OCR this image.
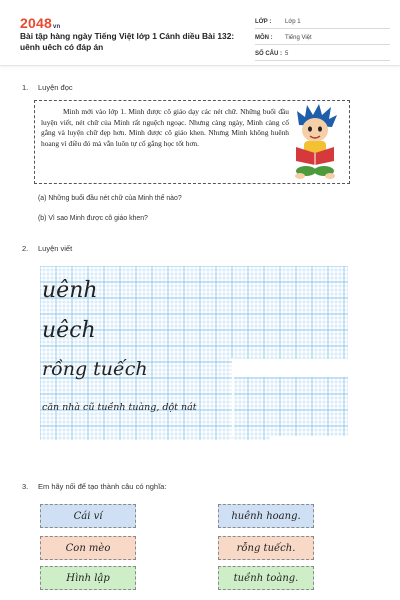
2048vn
Bài tập hàng ngày Tiếng Việt lớp 1 Cánh diều Bài 132: uênh uêch có đáp án
LỚP :	Lớp 1
MÔN :	Tiếng Việt
SỐ CÂU : 5
1. Luyện đọc
Minh mới vào lớp 1. Minh được cô giáo dạy các nét chữ. Những buổi đầu luyện viết, nét chữ của Minh rất nguệch ngoạc. Nhưng càng ngày, Minh càng cố gắng và luyện chữ đẹp hơn. Minh được cô giáo khen. Nhưng Minh không huênh hoang vì điều đó mà vẫn luôn tự cố gắng học tốt hơn.
(a) Những buổi đầu nét chữ của Minh thế nào?
(b) Vì sao Minh được cô giáo khen?
2. Luyện viết
uênh
uêch
rồng tuếch
căn nhà cũ tuềnh tuàng, dột nát
3. Em hãy nối để tạo thành câu có nghĩa:
Cái ví
Con mèo
Hình lập
huênh hoang.
rỗng tuếch.
tuềnh toàng.
